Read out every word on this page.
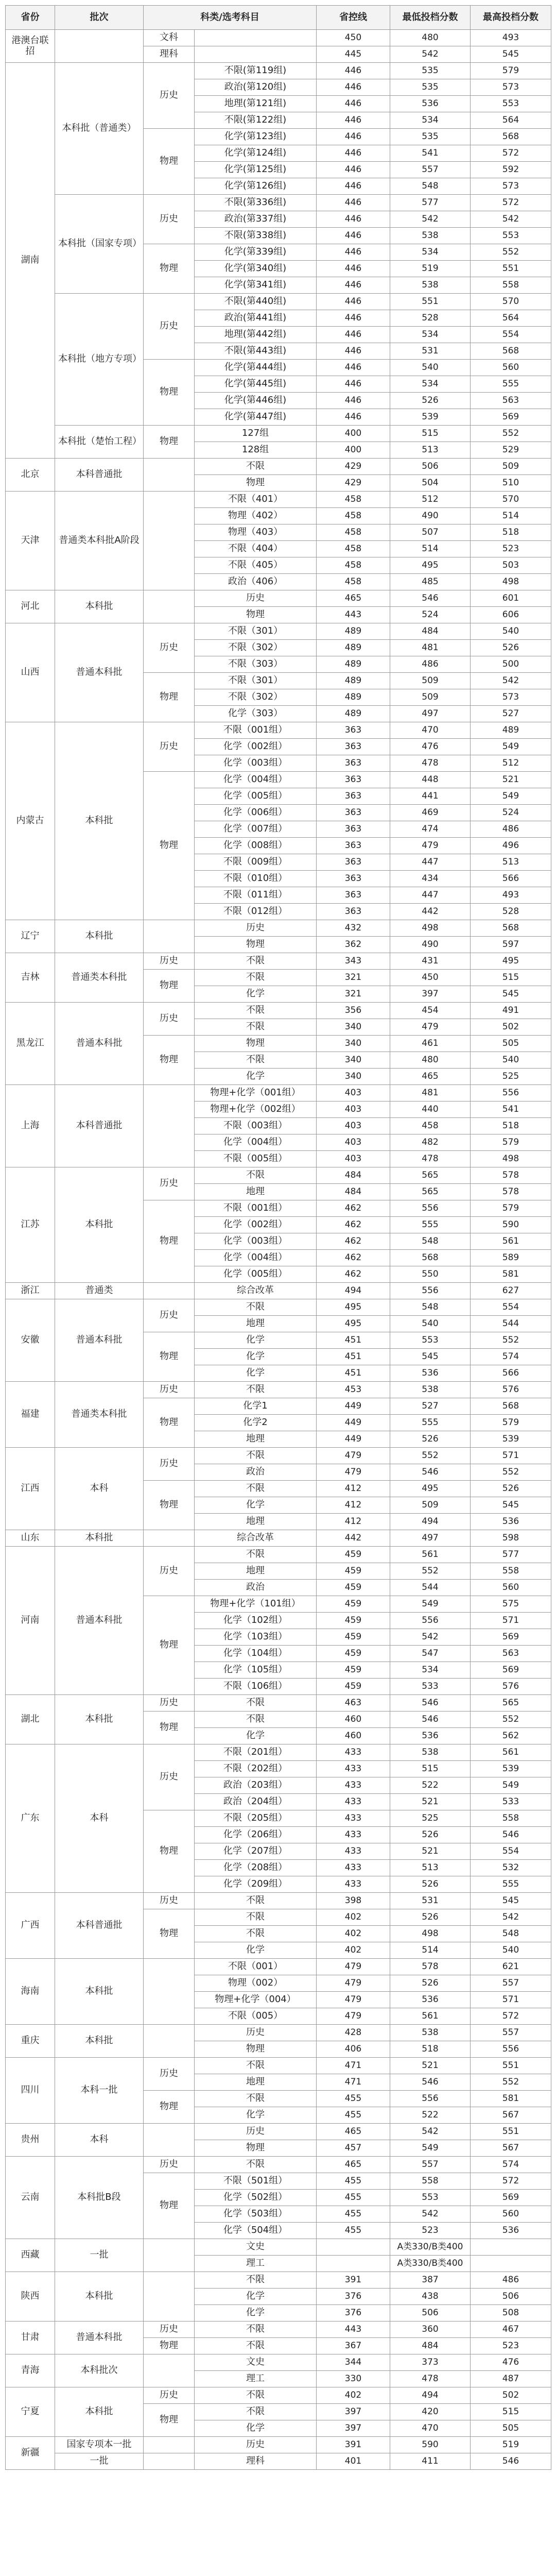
省份	批次	科类/选考科目		省控线	最低投档分数	最高投档分数
港澳台联招		文科		450	480	493
		理科		445	542	545
湖南	本科批（普通类）	历史	不限(第119组)	446	535	579
			政治(第120组)	446	535	573
			地理(第121组)	446	536	553
			不限(第122组)	446	534	564
		物理	化学(第123组)	446	535	568
			化学(第124组)	446	541	572
			化学(第125组)	446	557	592
			化学(第126组)	446	548	573
	本科批（国家专项）	历史	不限(第336组)	446	577	572
			政治(第337组)	446	542	542
			不限(第338组)	446	538	553
		物理	化学(第339组)	446	534	552
			化学(第340组)	446	519	551
			化学(第341组)	446	538	558
	本科批（地方专项）	历史	不限(第440组)	446	551	570
			政治(第441组)	446	528	564
			地理(第442组)	446	534	554
			不限(第443组)	446	531	568
		物理	化学(第444组)	446	540	560
			化学(第445组)	446	534	555
			化学(第446组)	446	526	563
			化学(第447组)	446	539	569
	本科批（楚怡工程）	物理	127组	400	515	552
			128组	400	513	529
北京	本科普通批		不限	429	506	509
			物理	429	504	510
天津	普通类本科批A阶段		不限（401）	458	512	570
			物理（402）	458	490	514
			物理（403）	458	507	518
			不限（404）	458	514	523
			不限（405）	458	495	503
			政治（406）	458	485	498
河北	本科批		历史	465	546	601
			物理	443	524	606
山西	普通本科批	历史	不限（301）	489	484	540
			不限（302）	489	481	526
			不限（303）	489	486	500
		物理	不限（301）	489	509	542
			不限（302）	489	509	573
			化学（303）	489	497	527
内蒙古	本科批	历史	不限（001组）	363	470	489
			化学（002组）	363	476	549
			化学（003组）	363	478	512
		物理	化学（004组）	363	448	521
			化学（005组）	363	441	549
			化学（006组）	363	469	524
			化学（007组）	363	474	486
			化学（008组）	363	479	496
			不限（009组）	363	447	513
			不限（010组）	363	434	566
			不限（011组）	363	447	493
			不限（012组）	363	442	528
辽宁	本科批		历史	432	498	568
			物理	362	490	597
吉林	普通类本科批	历史	不限	343	431	495
		物理	不限	321	450	515
			化学	321	397	545
黑龙江	普通本科批	历史	不限	356	454	491
			不限	340	479	502
		物理	物理	340	461	505
			不限	340	480	540
			化学	340	465	525
上海	本科普通批		物理+化学（001组）	403	481	556
			物理+化学（002组）	403	440	541
			不限（003组）	403	458	518
			化学（004组）	403	482	579
			不限（005组）	403	478	498
江苏	本科批	历史	不限	484	565	578
			地理	484	565	578
		物理	不限（001组）	462	556	579
			化学（002组）	462	555	590
			化学（003组）	462	548	561
			化学（004组）	462	568	589
			化学（005组）	462	550	581
浙江	普通类		综合改革	494	556	627
安徽	普通本科批	历史	不限	495	548	554
			地理	495	540	544
		物理	化学	451	553	552
			化学	451	545	574
			化学	451	536	566
福建	普通类本科批	历史	不限	453	538	576
		物理	化学1	449	527	568
			化学2	449	555	579
			地理	449	526	539
江西	本科	历史	不限	479	552	571
			政治	479	546	552
		物理	不限	412	495	526
			化学	412	509	545
			地理	412	494	536
山东	本科批		综合改革	442	497	598
河南	普通本科批	历史	不限	459	561	577
			地理	459	552	558
			政治	459	544	560
		物理	物理+化学（101组）	459	549	575
			化学（102组）	459	556	571
			化学（103组）	459	542	569
			化学（104组）	459	547	563
			化学（105组）	459	534	569
			不限（106组）	459	533	576
湖北	本科批	历史	不限	463	546	565
		物理	不限	460	546	552
			化学	460	536	562
广东	本科	历史	不限（201组）	433	538	561
			不限（202组）	433	515	539
			政治（203组）	433	522	549
			政治（204组）	433	521	533
		物理	不限（205组）	433	525	558
			化学（206组）	433	526	546
			化学（207组）	433	521	554
			化学（208组）	433	513	532
			化学（209组）	433	526	555
广西	本科普通批	历史	不限	398	531	545
		物理	不限	402	526	542
			不限	402	498	548
			化学	402	514	540
海南	本科批		不限（001）	479	578	621
			物理（002）	479	526	557
			物理+化学（004）	479	536	571
			不限（005）	479	561	572
重庆	本科批		历史	428	538	557
			物理	406	518	556
四川	本科一批	历史	不限	471	521	551
			地理	471	546	552
		物理	不限	455	556	581
			化学	455	522	567
贵州	本科		历史	465	542	551
			物理	457	549	567
云南	本科批B段	历史	不限	465	557	574
		物理	不限（501组）	455	558	572
			化学（502组）	455	553	569
			化学（503组）	455	542	560
			化学（504组）	455	523	536
西藏	一批		文史		A类330/B类400	
			理工		A类330/B类400	
陕西	本科批		不限	391	387	486
			化学	376	438	506
			化学	376	506	508
甘肃	普通本科批	历史	不限	443	360	467
		物理	不限	367	484	523
青海	本科批次		文史	344	373	476
			理工	330	478	487
宁夏	本科批	历史	不限	402	494	502
		物理	不限	397	420	515
			化学	397	470	505
新疆	国家专项本一批		历史	391	590	519
	一批		理科	401	411	546
